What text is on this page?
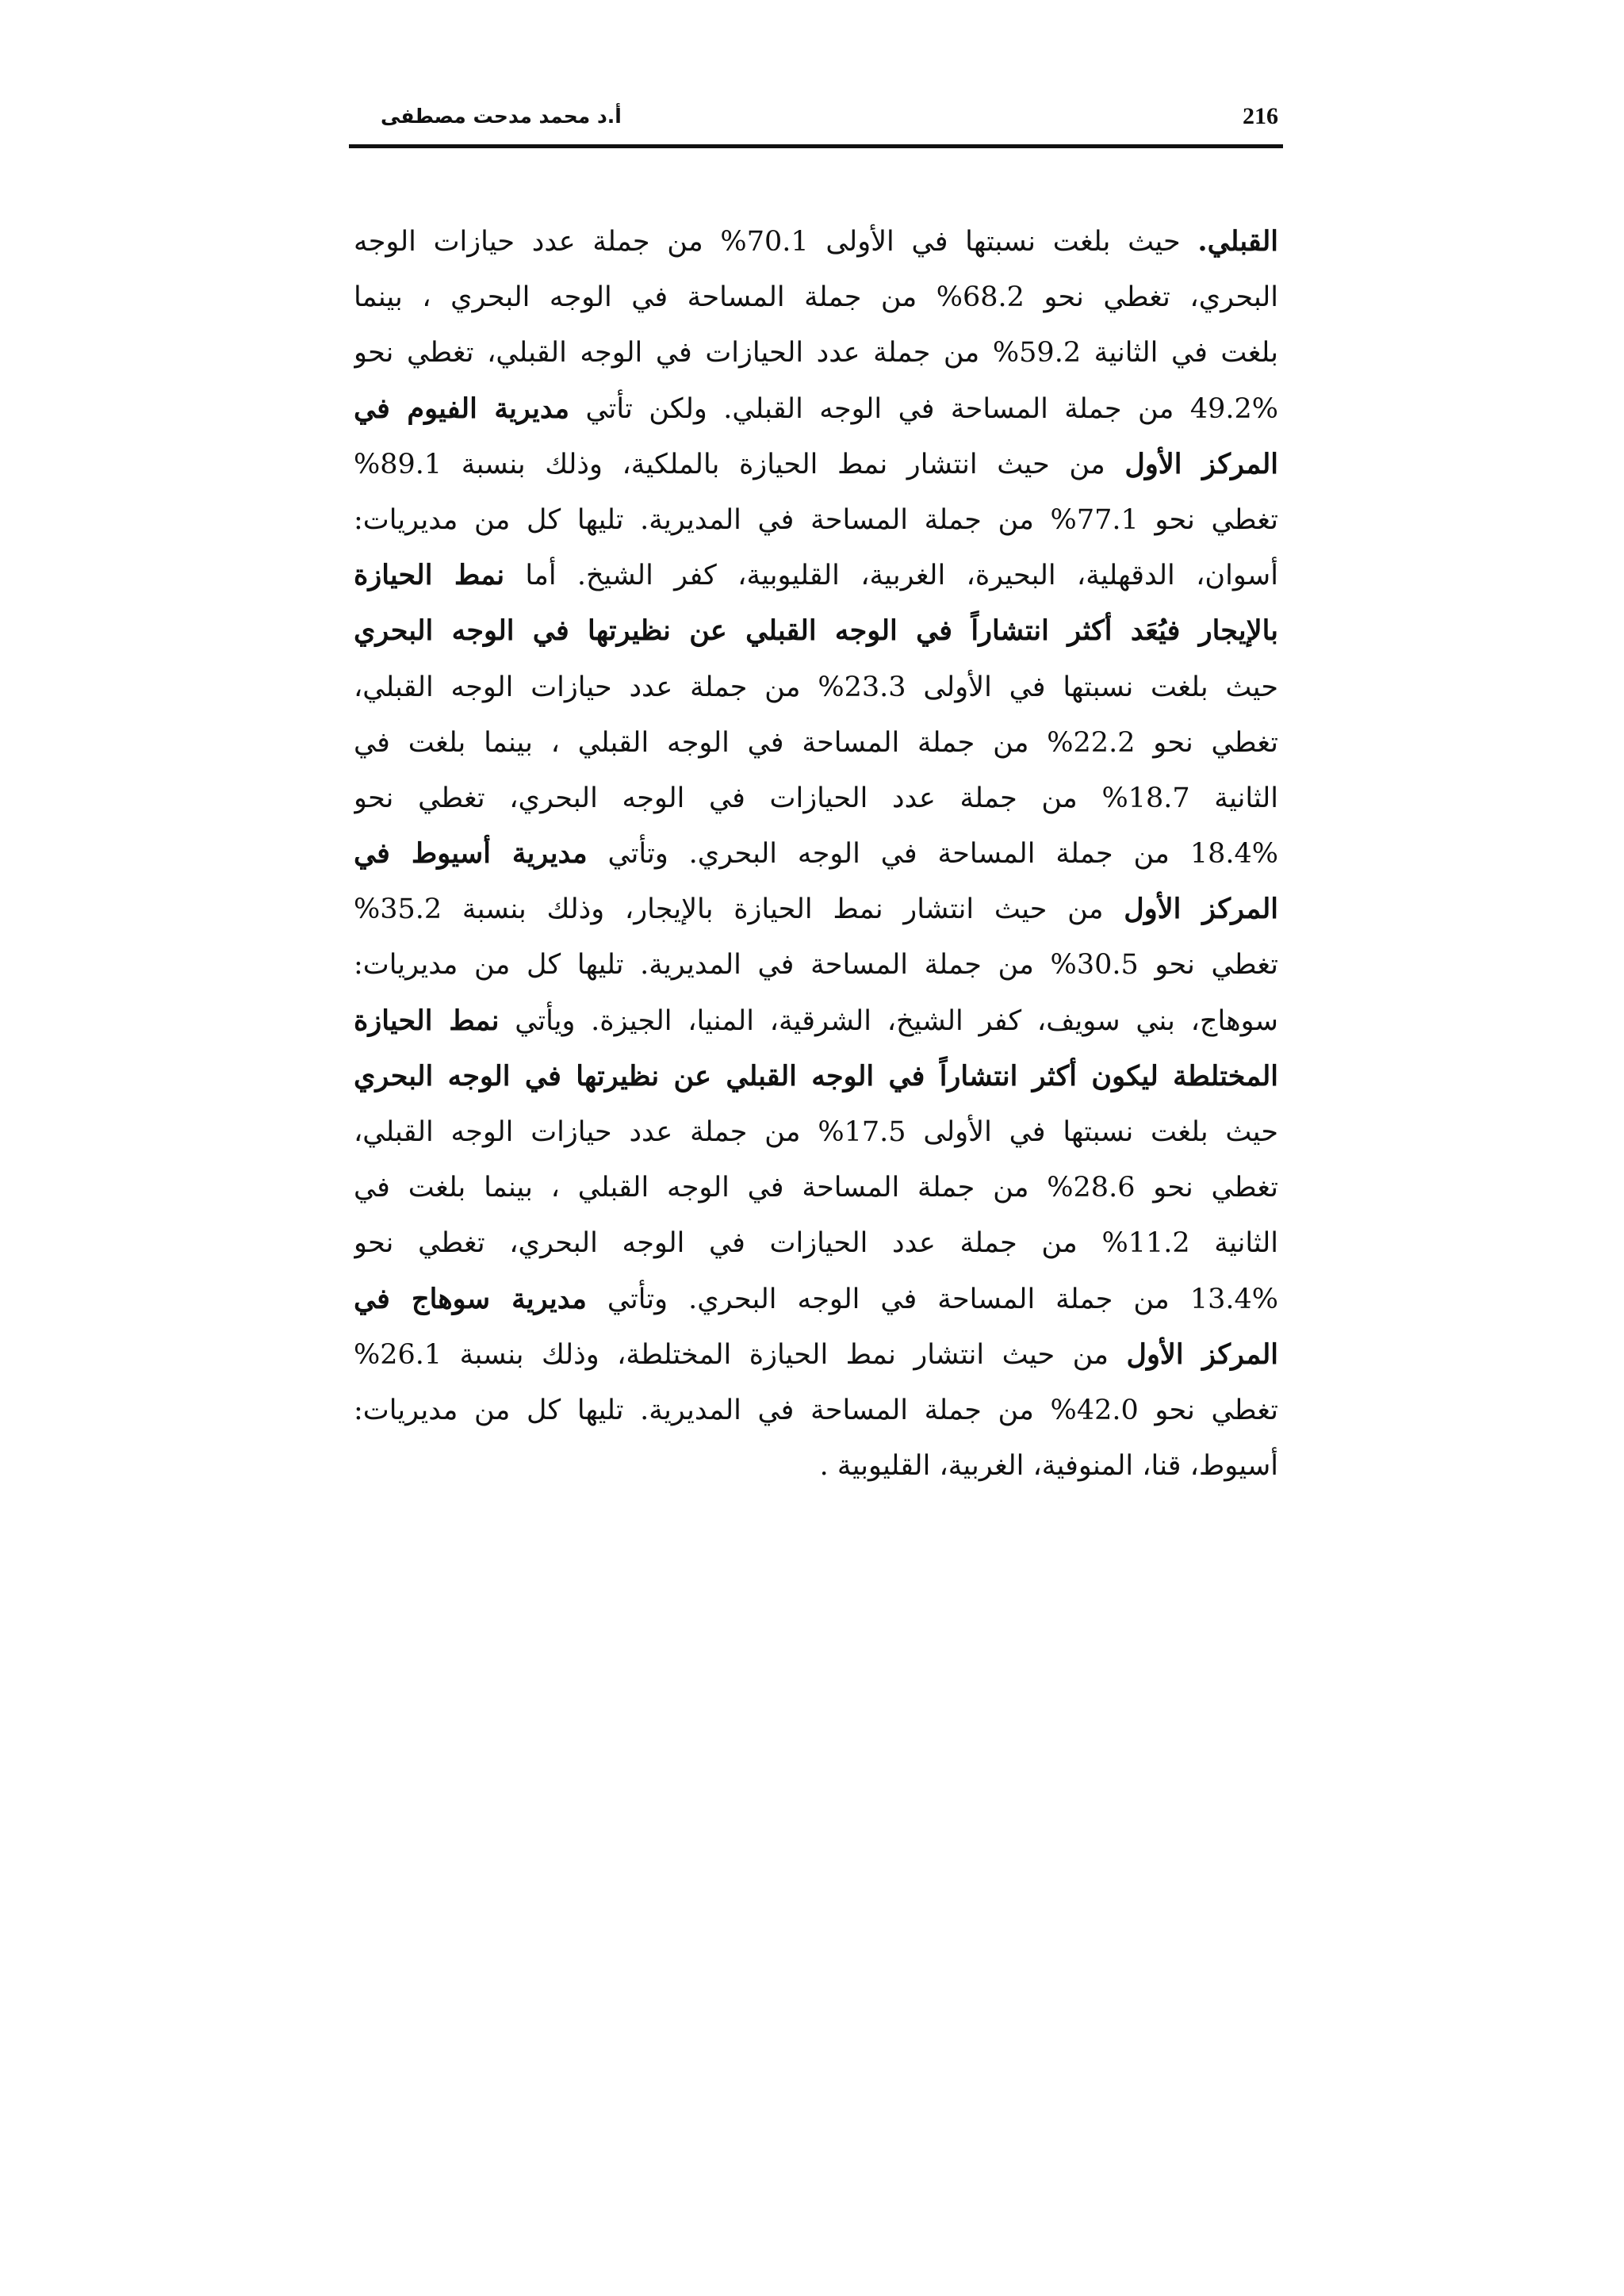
216
أ.د محمد مدحت مصطفى
القبلي. حيث بلغت نسبتها في الأولى 70.1% من جملة عدد حيازات الوجه
البحري، تغطي نحو 68.2% من جملة المساحة في الوجه البحري ، بينما
بلغت في الثانية 59.2% من جملة عدد الحيازات في الوجه القبلي، تغطي نحو
49.2% من جملة المساحة في الوجه القبلي. ولكن تأتي مديرية الفيوم في
المركز الأول من حيث انتشار نمط الحيازة بالملكية، وذلك بنسبة 89.1%
تغطي نحو 77.1% من جملة المساحة في المديرية. تليها كل من مديريات:
أسوان، الدقهلية، البحيرة، الغربية، القليوبية، كفر الشيخ. أما نمط الحيازة
بالإيجار فيُعَد أكثر انتشاراً في الوجه القبلي عن نظيرتها في الوجه البحري
حيث بلغت نسبتها في الأولى 23.3% من جملة عدد حيازات الوجه القبلي،
تغطي نحو 22.2% من جملة المساحة في الوجه القبلي ، بينما بلغت في
الثانية 18.7% من جملة عدد الحيازات في الوجه البحري، تغطي نحو
18.4% من جملة المساحة في الوجه البحري. وتأتي مديرية أسيوط في
المركز الأول من حيث انتشار نمط الحيازة بالإيجار، وذلك بنسبة 35.2%
تغطي نحو 30.5% من جملة المساحة في المديرية. تليها كل من مديريات:
سوهاج، بني سويف، كفر الشيخ، الشرقية، المنيا، الجيزة. ويأتي نمط الحيازة
المختلطة ليكون أكثر انتشاراً في الوجه القبلي عن نظيرتها في الوجه البحري
حيث بلغت نسبتها في الأولى 17.5% من جملة عدد حيازات الوجه القبلي،
تغطي نحو 28.6% من جملة المساحة في الوجه القبلي ، بينما بلغت في
الثانية 11.2% من جملة عدد الحيازات في الوجه البحري، تغطي نحو
13.4% من جملة المساحة في الوجه البحري. وتأتي مديرية سوهاج في
المركز الأول من حيث انتشار نمط الحيازة المختلطة، وذلك بنسبة 26.1%
تغطي نحو 42.0% من جملة المساحة في المديرية. تليها كل من مديريات:
أسيوط، قنا، المنوفية، الغربية، القليوبية .
